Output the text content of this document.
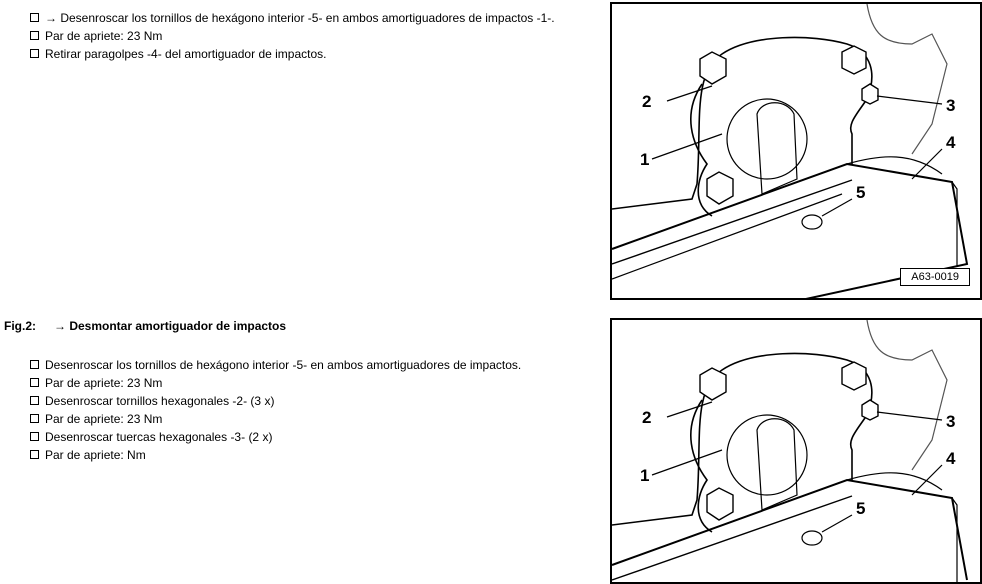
→ Desenroscar los tornillos de hexágono interior -5- en ambos amortiguadores de impactos -1-.
Par de apriete: 23 Nm
Retirar paragolpes -4- del amortiguador de impactos.
Fig.2: → Desmontar amortiguador de impactos
Desenroscar los tornillos de hexágono interior -5- en ambos amortiguadores de impactos.
Par de apriete: 23 Nm
Desenroscar tornillos hexagonales -2- (3 x)
Par de apriete: 23 Nm
Desenroscar tuercas hexagonales -3- (2 x)
Par de apriete: Nm
2	3
1
4
5
A63-0019
2	3
1
4
5
